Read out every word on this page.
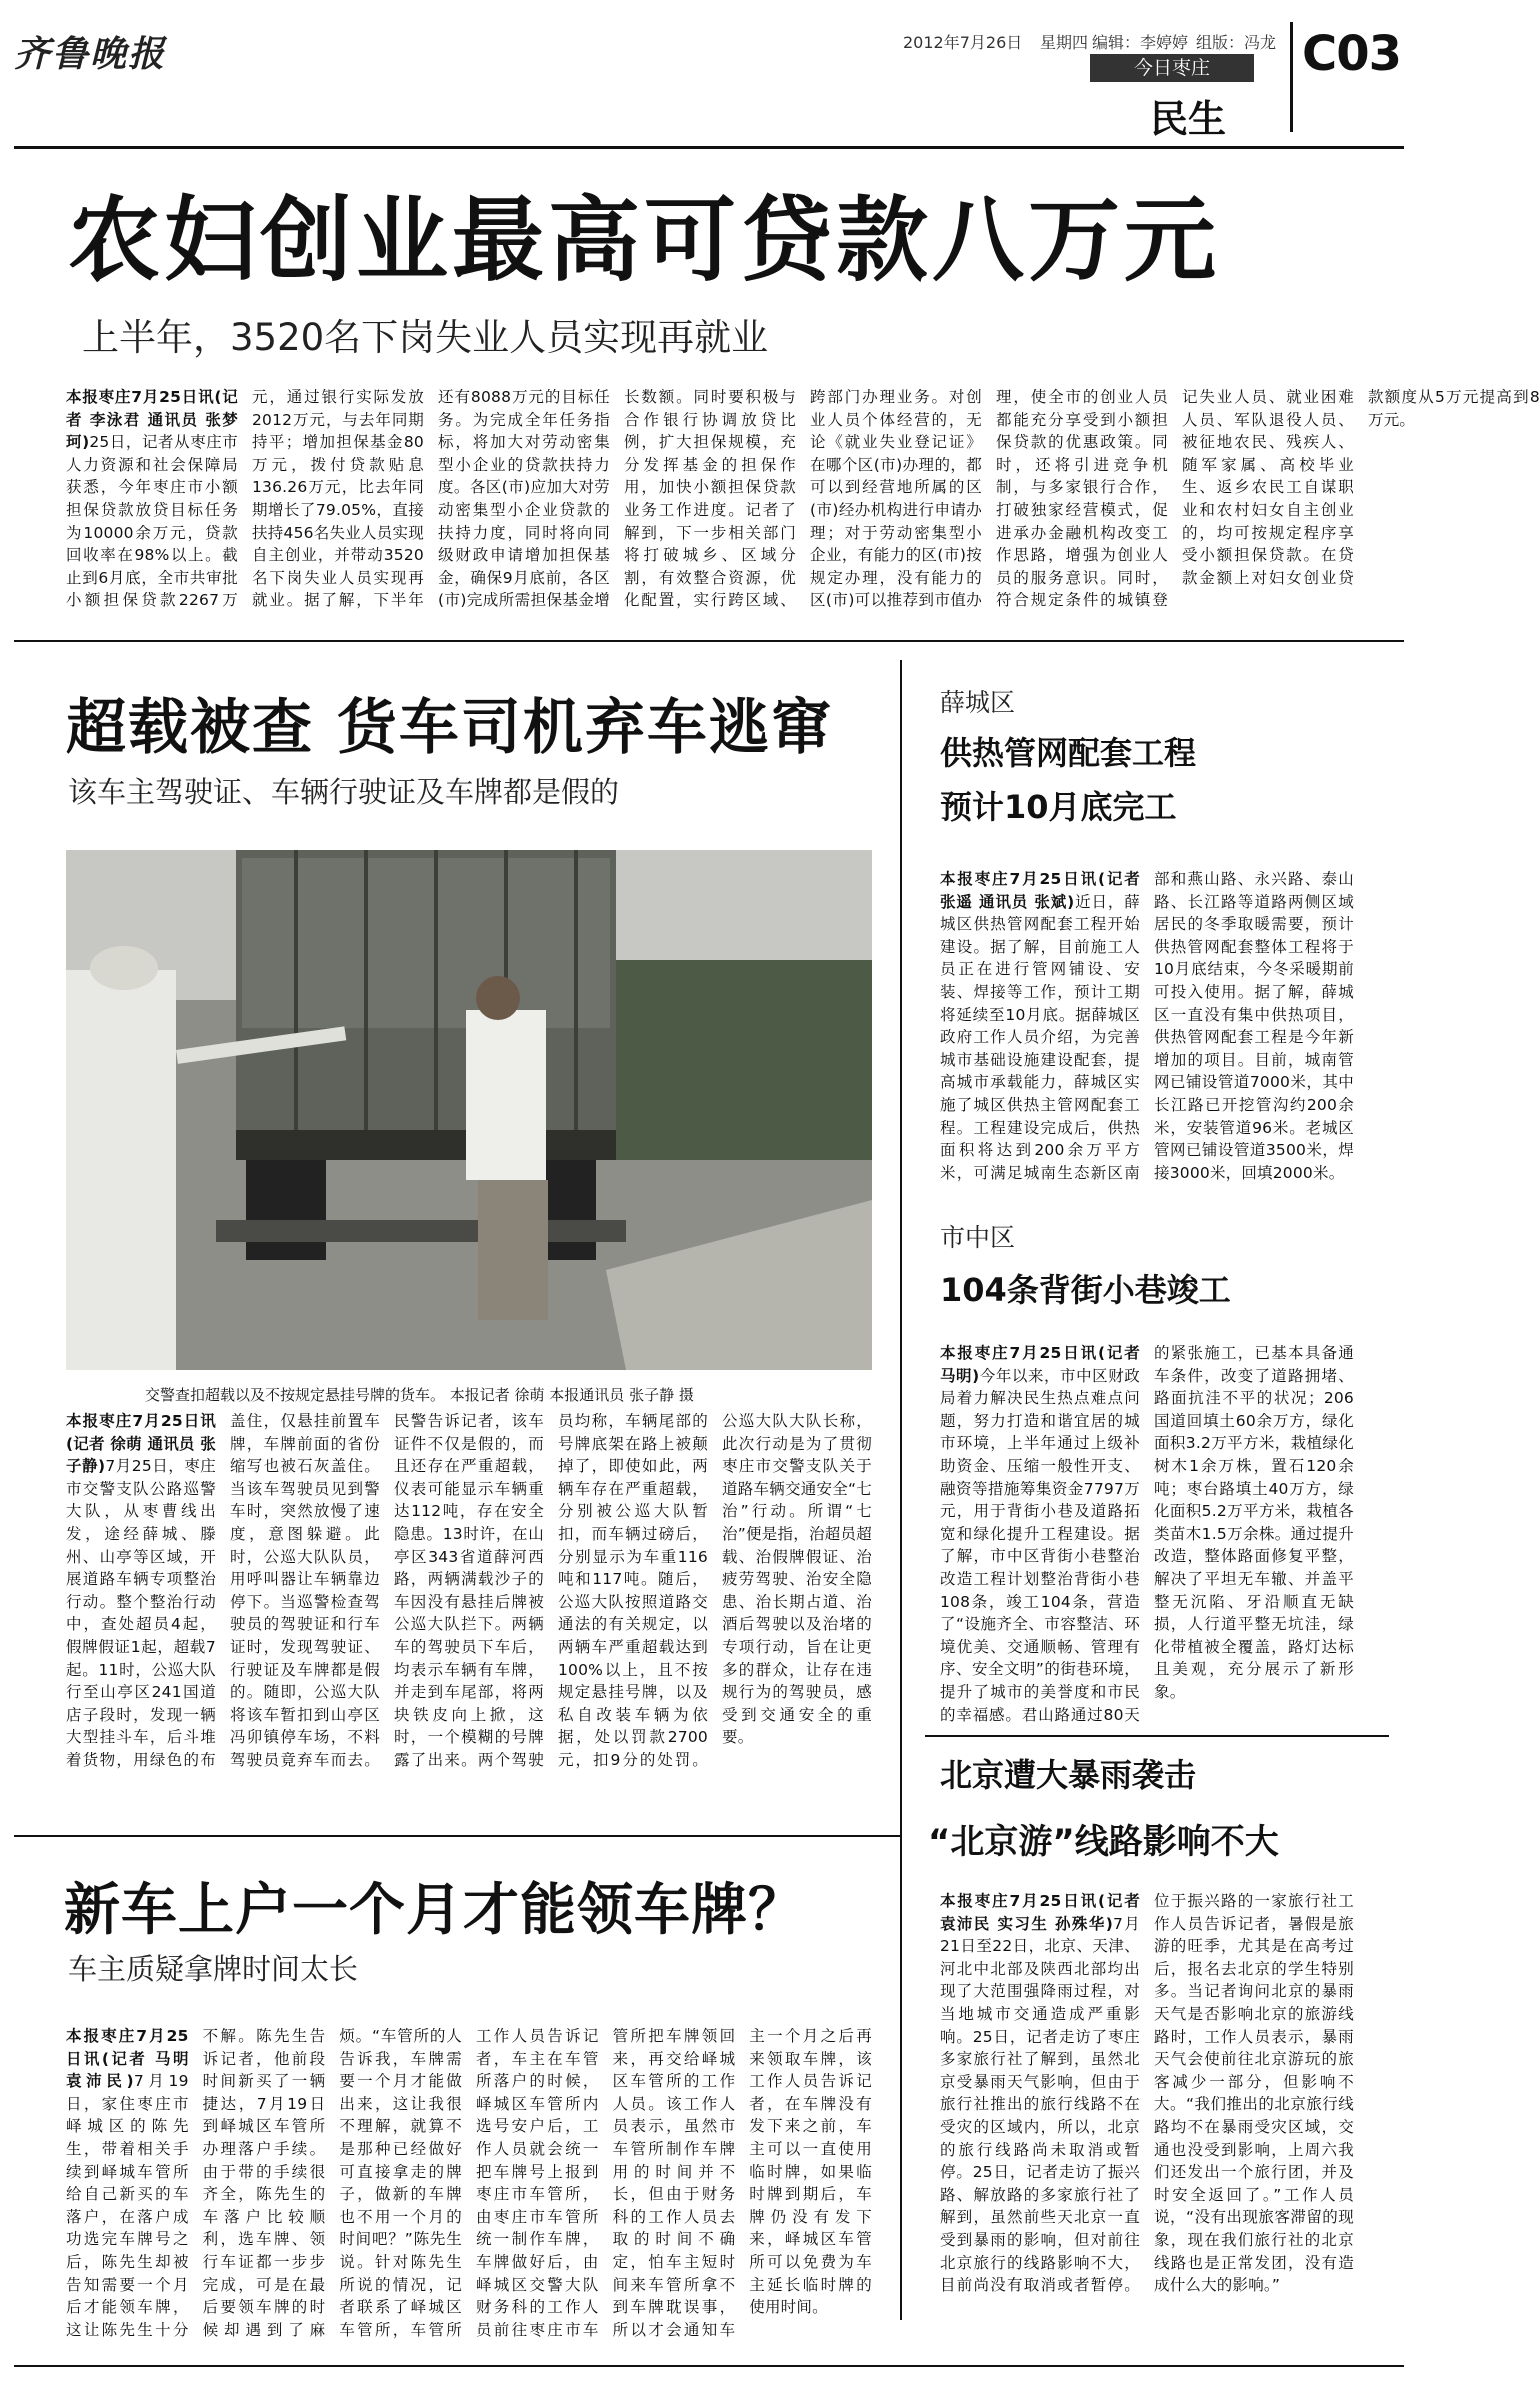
齐鲁晚报	2012年7月26日 星期四 编辑：李婷婷 组版：冯龙
今日枣庄
民生
C03
农妇创业最高可贷款八万元
上半年，3520名下岗失业人员实现再就业

本报枣庄7月25日讯(记者 李泳君 通讯员 张梦珂)25日，记者从枣庄市人力资源和社会保障局获悉，今年枣庄市小额担保贷款放贷目标任务为10000余万元，贷款回收率在98%以上。截止到6月底，全市共审批小额担保贷款2267万元，通过银行实际发放2012万元，与去年同期持平；增加担保基金80万元，拨付贷款贴息136.26万元，比去年同期增长了79.05%，直接扶持456名失业人员实现自主创业，并带动3520名下岗失业人员实现再就业。据了解，下半年还有8088万元的目标任务。为完成全年任务指标，将加大对劳动密集型小企业的贷款扶持力度。各区(市)应加大对劳动密集型小企业贷款的扶持力度，同时将向同级财政申请增加担保基金，确保9月底前，各区(市)完成所需担保基金增长数额。同时要积极与合作银行协调放贷比例，扩大担保规模，充分发挥基金的担保作用，加快小额担保贷款业务工作进度。记者了解到，下一步相关部门将打破城乡、区域分割，有效整合资源，优化配置，实行跨区域、跨部门办理业务。对创业人员个体经营的，无论《就业失业登记证》在哪个区(市)办理的，都可以到经营地所属的区(市)经办机构进行申请办理；对于劳动密集型小企业，有能力的区(市)按规定办理，没有能力的区(市)可以推荐到市值办理，使全市的创业人员都能充分享受到小额担保贷款的优惠政策。同时，还将引进竞争机制，与多家银行合作，打破独家经营模式，促进承办金融机构改变工作思路，增强为创业人员的服务意识。同时，符合规定条件的城镇登记失业人员、就业困难人员、军队退役人员、被征地农民、残疾人、随军家属、高校毕业生、返乡农民工自谋职业和农村妇女自主创业的，均可按规定程序享受小额担保贷款。在贷款金额上对妇女创业贷款额度从5万元提高到8万元。

超载被查 货车司机弃车逃窜
该车主驾驶证、车辆行驶证及车牌都是假的
交警查扣超载以及不按规定悬挂号牌的货车。 本报记者 徐萌 本报通讯员 张子静 摄

本报枣庄7月25日讯(记者 徐萌 通讯员 张子静)7月25日，枣庄市交警支队公路巡警大队，从枣曹线出发，途经薛城、滕州、山亭等区域，开展道路车辆专项整治行动。整个整治行动中，查处超员4起，假牌假证1起，超载7起。11时，公巡大队行至山亭区241国道店子段时，发现一辆大型挂斗车，后斗堆着货物，用绿色的布盖住，仅悬挂前置车牌，车牌前面的省份缩写也被石灰盖住。当该车驾驶员见到警车时，突然放慢了速度，意图躲避。此时，公巡大队队员，用呼叫器让车辆靠边停下。当巡警检查驾驶员的驾驶证和行车证时，发现驾驶证、行驶证及车牌都是假的。随即，公巡大队将该车暂扣到山亭区冯卯镇停车场，不料驾驶员竟弃车而去。民警告诉记者，该车证件不仅是假的，而且还存在严重超载，仪表可能显示车辆重达112吨，存在安全隐患。13时许，在山亭区343省道薛河西路，两辆满载沙子的车因没有悬挂后牌被公巡大队拦下。两辆车的驾驶员下车后，均表示车辆有车牌，并走到车尾部，将两块铁皮向上掀，这时，一个模糊的号牌露了出来。两个驾驶员均称，车辆尾部的号牌底架在路上被颠掉了，即使如此，两辆车存在严重超载，分别被公巡大队暂扣，而车辆过磅后，分别显示为车重116吨和117吨。随后，公巡大队按照道路交通法的有关规定，以两辆车严重超载达到100%以上，且不按规定悬挂号牌，以及私自改装车辆为依据，处以罚款2700元，扣9分的处罚。公巡大队大队长称，此次行动是为了贯彻枣庄市交警支队关于道路车辆交通安全“七治”行动。所谓“七治”便是指，治超员超载、治假牌假证、治疲劳驾驶、治安全隐患、治长期占道、治酒后驾驶以及治堵的专项行动，旨在让更多的群众，让存在违规行为的驾驶员，感受到交通安全的重要。

薛城区
供热管网配套工程
预计10月底完工

本报枣庄7月25日讯(记者 张遥 通讯员 张斌)近日，薛城区供热管网配套工程开始建设。据了解，目前施工人员正在进行管网铺设、安装、焊接等工作，预计工期将延续至10月底。据薛城区政府工作人员介绍，为完善城市基础设施建设配套，提高城市承载能力，薛城区实施了城区供热主管网配套工程。工程建设完成后，供热面积将达到200余万平方米，可满足城南生态新区南部和燕山路、永兴路、泰山路、长江路等道路两侧区域居民的冬季取暖需要，预计供热管网配套整体工程将于10月底结束，今冬采暖期前可投入使用。据了解，薛城区一直没有集中供热项目，供热管网配套工程是今年新增加的项目。目前，城南管网已铺设管道7000米，其中长江路已开挖管沟约200余米，安装管道96米。老城区管网已铺设管道3500米，焊接3000米，回填2000米。

市中区
104条背街小巷竣工

本报枣庄7月25日讯(记者 马明)今年以来，市中区财政局着力解决民生热点难点问题，努力打造和谐宜居的城市环境，上半年通过上级补助资金、压缩一般性开支、融资等措施筹集资金7797万元，用于背街小巷及道路拓宽和绿化提升工程建设。据了解，市中区背街小巷整治改造工程计划整治背街小巷108条，竣工104条，营造了“设施齐全、市容整洁、环境优美、交通顺畅、管理有序、安全文明”的街巷环境，提升了城市的美誉度和市民的幸福感。君山路通过80天的紧张施工，已基本具备通车条件，改变了道路拥堵、路面抗洼不平的状况；206国道回填土60余万方，绿化面积3.2万平方米，栽植绿化树木1余万株，置石120余吨；枣台路填土40万方，绿化面积5.2万平方米，栽植各类苗木1.5万余株。通过提升改造，整体路面修复平整，解决了平坦无车辙、并盖平整无沉陷、牙沿顺直无缺损，人行道平整无坑洼，绿化带植被全覆盖，路灯达标且美观，充分展示了新形象。

北京遭大暴雨袭击
“北京游”线路影响不大

本报枣庄7月25日讯(记者 袁沛民 实习生 孙殊华)7月21日至22日，北京、天津、河北中北部及陕西北部均出现了大范围强降雨过程，对当地城市交通造成严重影响。25日，记者走访了枣庄多家旅行社了解到，虽然北京受暴雨天气影响，但由于旅行社推出的旅行线路不在受灾的区域内，所以，北京的旅行线路尚未取消或暂停。25日，记者走访了振兴路、解放路的多家旅行社了解到，虽然前些天北京一直受到暴雨的影响，但对前往北京旅行的线路影响不大，目前尚没有取消或者暂停。位于振兴路的一家旅行社工作人员告诉记者，暑假是旅游的旺季，尤其是在高考过后，报名去北京的学生特别多。当记者询问北京的暴雨天气是否影响北京的旅游线路时，工作人员表示，暴雨天气会使前往北京游玩的旅客减少一部分，但影响不大。“我们推出的北京旅行线路均不在暴雨受灾区域，交通也没受到影响，上周六我们还发出一个旅行团，并及时安全返回了。”工作人员说，“没有出现旅客滞留的现象，现在我们旅行社的北京线路也是正常发团，没有造成什么大的影响。”

新车上户一个月才能领车牌？
车主质疑拿牌时间太长

本报枣庄7月25日讯(记者 马明 袁沛民)7月19日，家住枣庄市峄城区的陈先生，带着相关手续到峄城车管所给自己新买的车落户，在落户成功选完车牌号之后，陈先生却被告知需要一个月后才能领车牌，这让陈先生十分不解。陈先生告诉记者，他前段时间新买了一辆捷达，7月19日到峄城区车管所办理落户手续。由于带的手续很齐全，陈先生的车落户比较顺利，选车牌、领行车证都一步步完成，可是在最后要领车牌的时候却遇到了麻烦。“车管所的人告诉我，车牌需要一个月才能做出来，这让我很不理解，就算不是那种已经做好可直接拿走的牌子，做新的车牌也不用一个月的时间吧？”陈先生说。针对陈先生所说的情况，记者联系了峄城区车管所，车管所工作人员告诉记者，车主在车管所落户的时候，峄城区车管所内选号安户后，工作人员就会统一把车牌号上报到枣庄市车管所，由枣庄市车管所统一制作车牌，车牌做好后，由峄城区交警大队财务科的工作人员前往枣庄市车管所把车牌领回来，再交给峄城区车管所的工作人员。该工作人员表示，虽然市车管所制作车牌用的时间并不长，但由于财务科的工作人员去取的时间不确定，怕车主短时间来车管所拿不到车牌耽误事，所以才会通知车主一个月之后再来领取车牌，该工作人员告诉记者，在车牌没有发下来之前，车主可以一直使用临时牌，如果临时牌到期后，车牌仍没有发下来，峄城区车管所可以免费为车主延长临时牌的使用时间。
